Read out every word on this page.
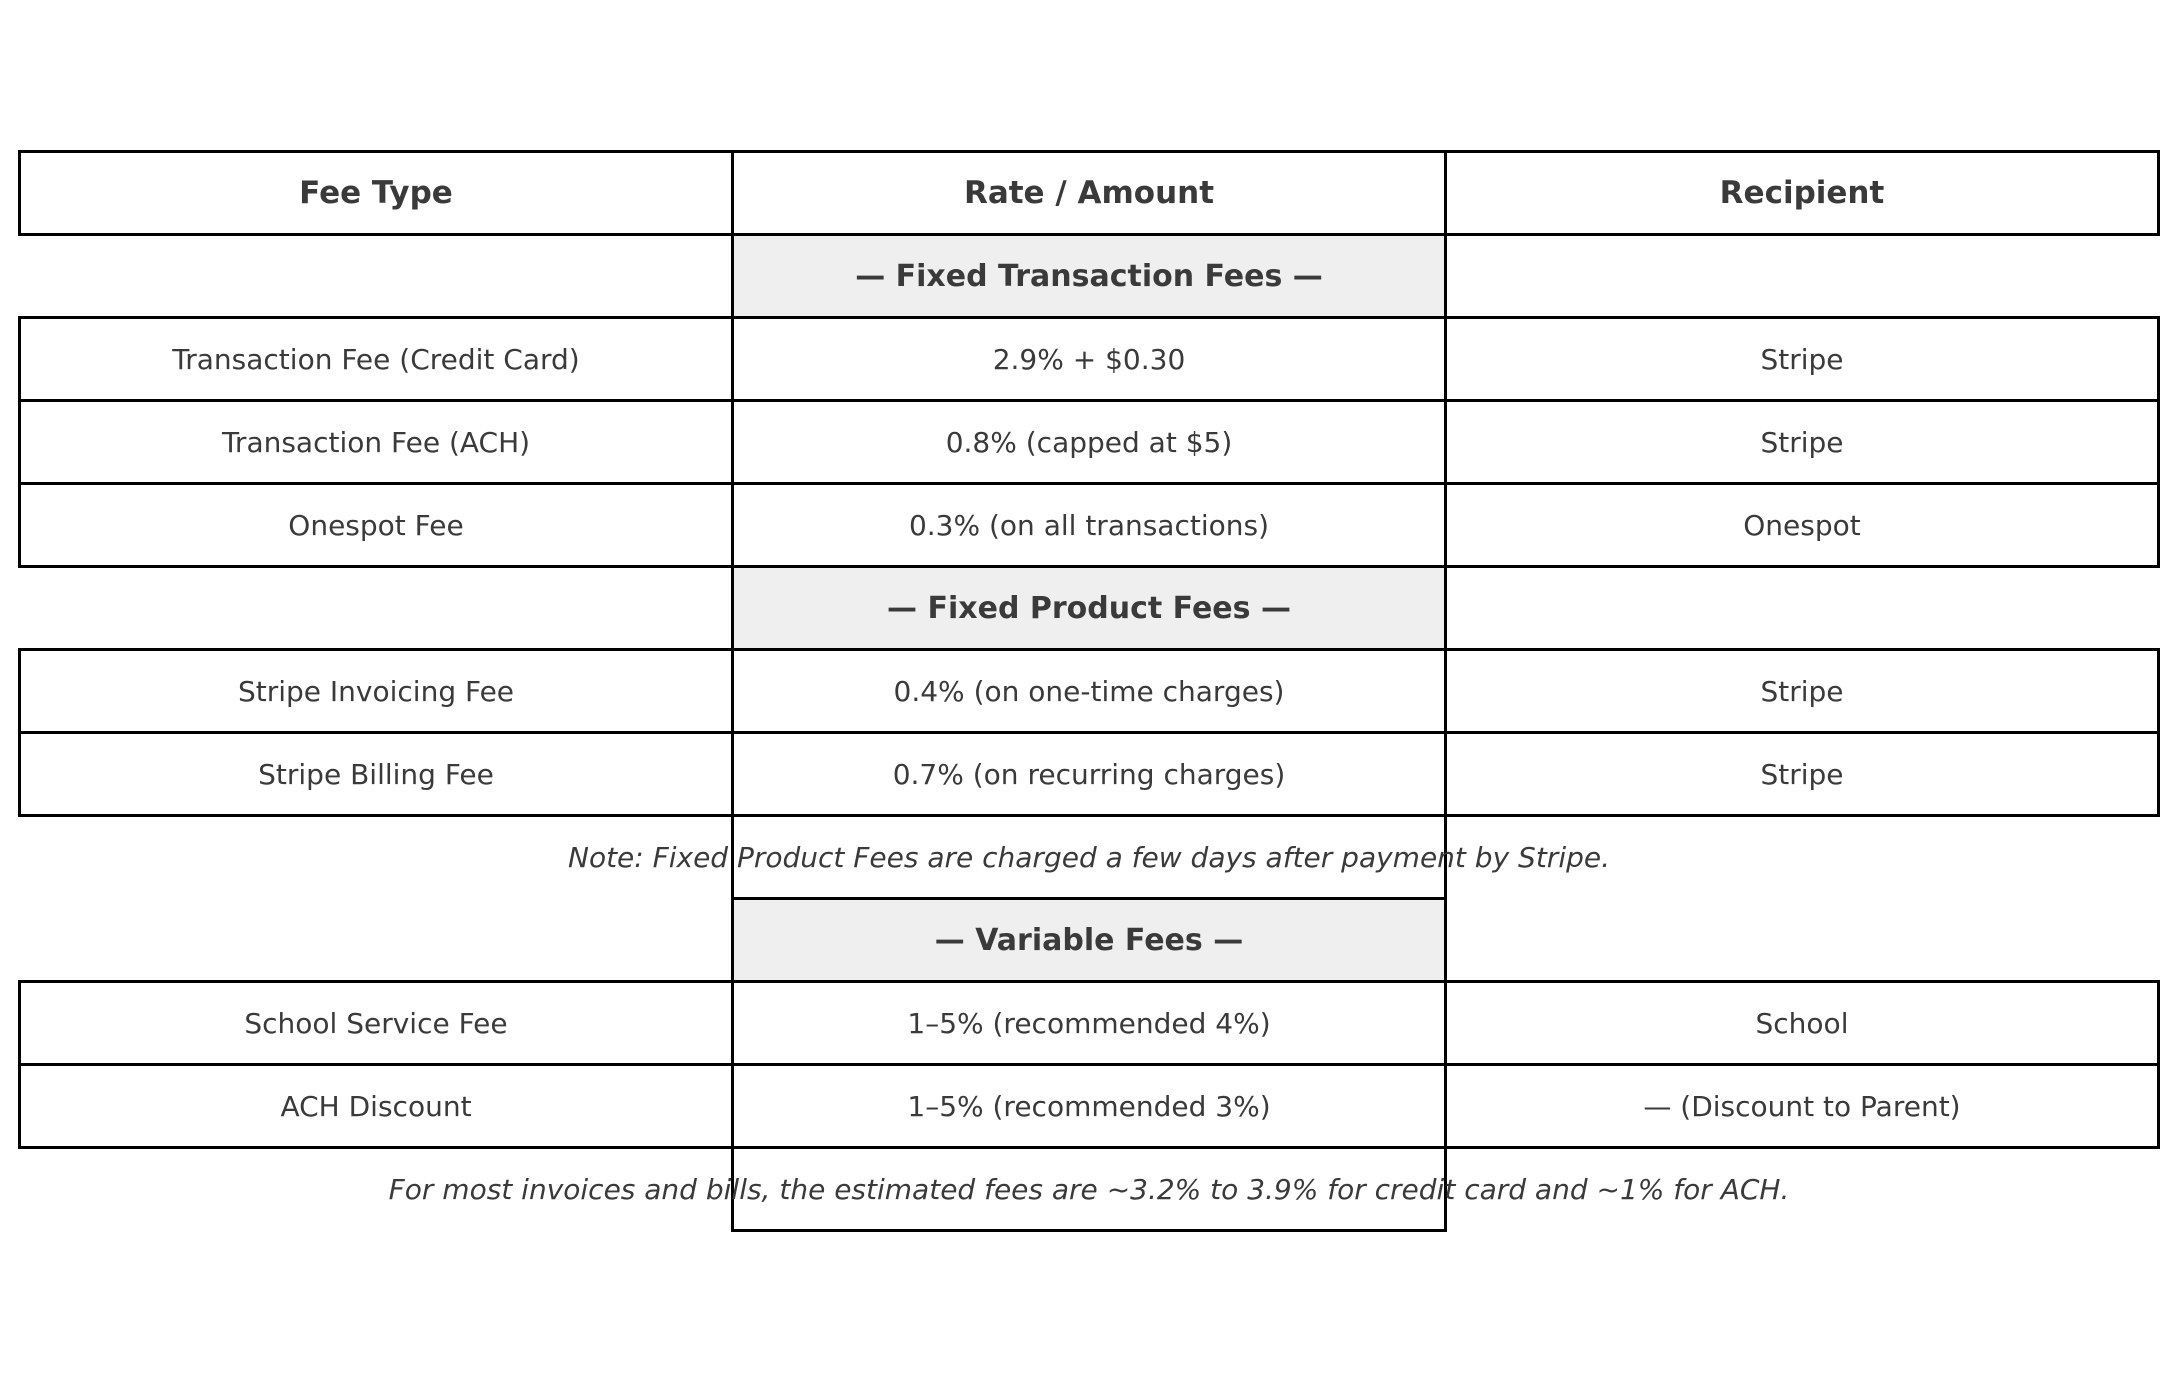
Fee Type	Rate / Amount	Recipient
	— Fixed Transaction Fees —	
Transaction Fee (Credit Card)	2.9% + $0.30	Stripe
Transaction Fee (ACH)	0.8% (capped at $5)	Stripe
Onespot Fee	0.3% (on all transactions)	Onespot
	— Fixed Product Fees —	
Stripe Invoicing Fee	0.4% (on one-time charges)	Stripe
Stripe Billing Fee	0.7% (on recurring charges)	Stripe

	Note: Fixed Product Fees are charged a few days after payment by Stripe.	

	— Variable Fees —	
School Service Fee	1–5% (recommended 4%)	School
ACH Discount	1–5% (recommended 3%)	— (Discount to Parent)

	For most invoices and bills, the estimated fees are ~3.2% to 3.9% for credit card and ~1% for ACH.	
